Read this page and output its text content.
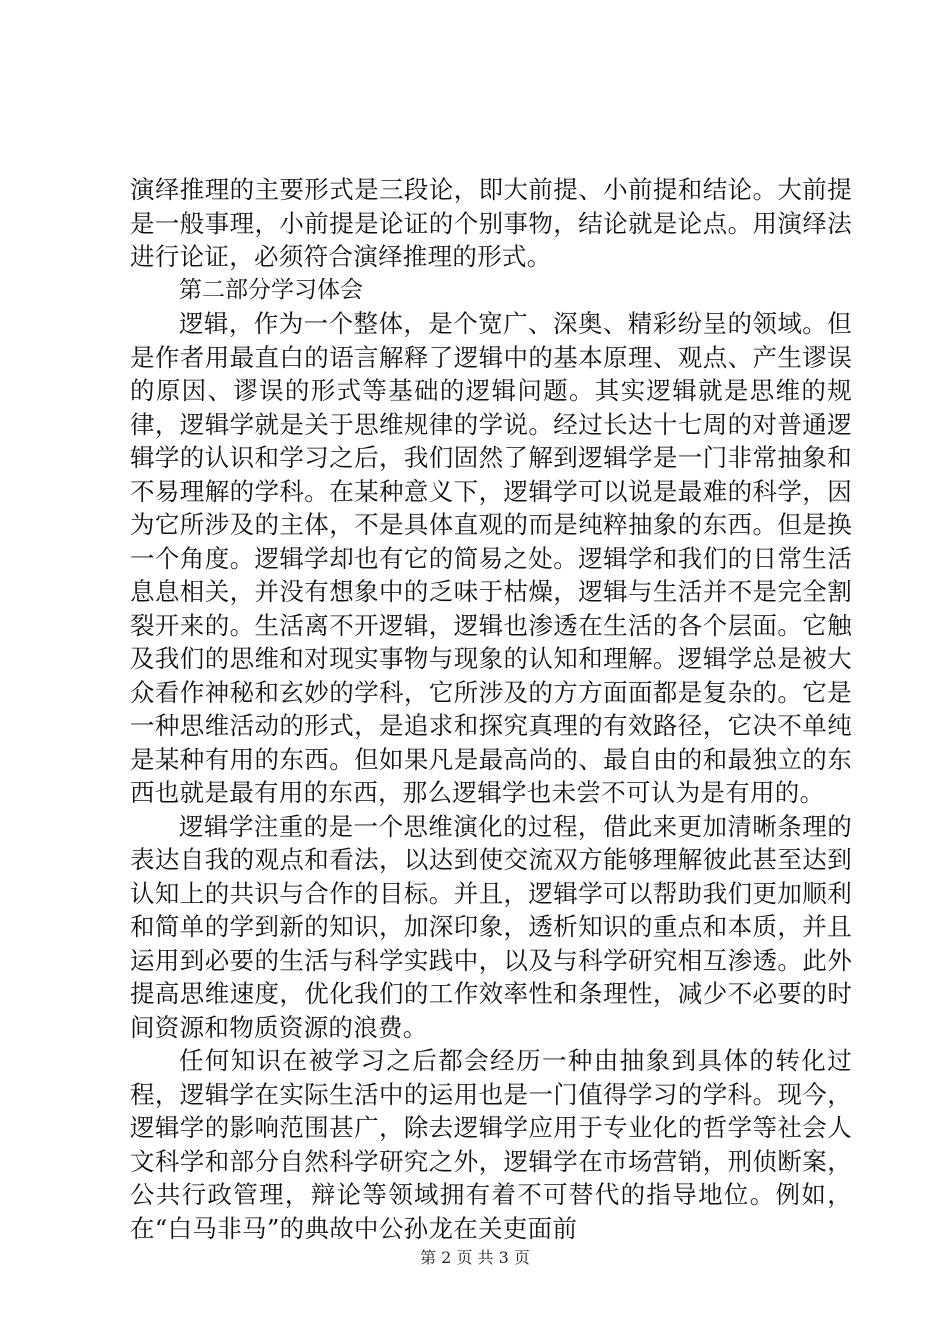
演绎推理的主要形式是三段论，即大前提、小前提和结论。大前提是一般事理，小前提是论证的个别事物，结论就是论点。用演绎法进行论证，必须符合演绎推理的形式。

第二部分学习体会

逻辑，作为一个整体，是个宽广、深奥、精彩纷呈的领域。但是作者用最直白的语言解释了逻辑中的基本原理、观点、产生谬误的原因、谬误的形式等基础的逻辑问题。其实逻辑就是思维的规律，逻辑学就是关于思维规律的学说。经过长达十七周的对普通逻辑学的认识和学习之后，我们固然了解到逻辑学是一门非常抽象和不易理解的学科。在某种意义下，逻辑学可以说是最难的科学，因为它所涉及的主体，不是具体直观的而是纯粹抽象的东西。但是换一个角度。逻辑学却也有它的简易之处。逻辑学和我们的日常生活息息相关，并没有想象中的乏味于枯燥，逻辑与生活并不是完全割裂开来的。生活离不开逻辑，逻辑也渗透在生活的各个层面。它触及我们的思维和对现实事物与现象的认知和理解。逻辑学总是被大众看作神秘和玄妙的学科，它所涉及的方方面面都是复杂的。它是一种思维活动的形式，是追求和探究真理的有效路径，它决不单纯是某种有用的东西。但如果凡是最高尚的、最自由的和最独立的东西也就是最有用的东西，那么逻辑学也未尝不可认为是有用的。

逻辑学注重的是一个思维演化的过程，借此来更加清晰条理的表达自我的观点和看法，以达到使交流双方能够理解彼此甚至达到认知上的共识与合作的目标。并且，逻辑学可以帮助我们更加顺利和简单的学到新的知识，加深印象，透析知识的重点和本质，并且运用到必要的生活与科学实践中，以及与科学研究相互渗透。此外提高思维速度，优化我们的工作效率性和条理性，减少不必要的时间资源和物质资源的浪费。

任何知识在被学习之后都会经历一种由抽象到具体的转化过程，逻辑学在实际生活中的运用也是一门值得学习的学科。现今，逻辑学的影响范围甚广，除去逻辑学应用于专业化的哲学等社会人文科学和部分自然科学研究之外，逻辑学在市场营销，刑侦断案，公共行政管理，辩论等领域拥有着不可替代的指导地位。例如，在“白马非马”的典故中公孙龙在关吏面前

第 2 页 共 3 页
